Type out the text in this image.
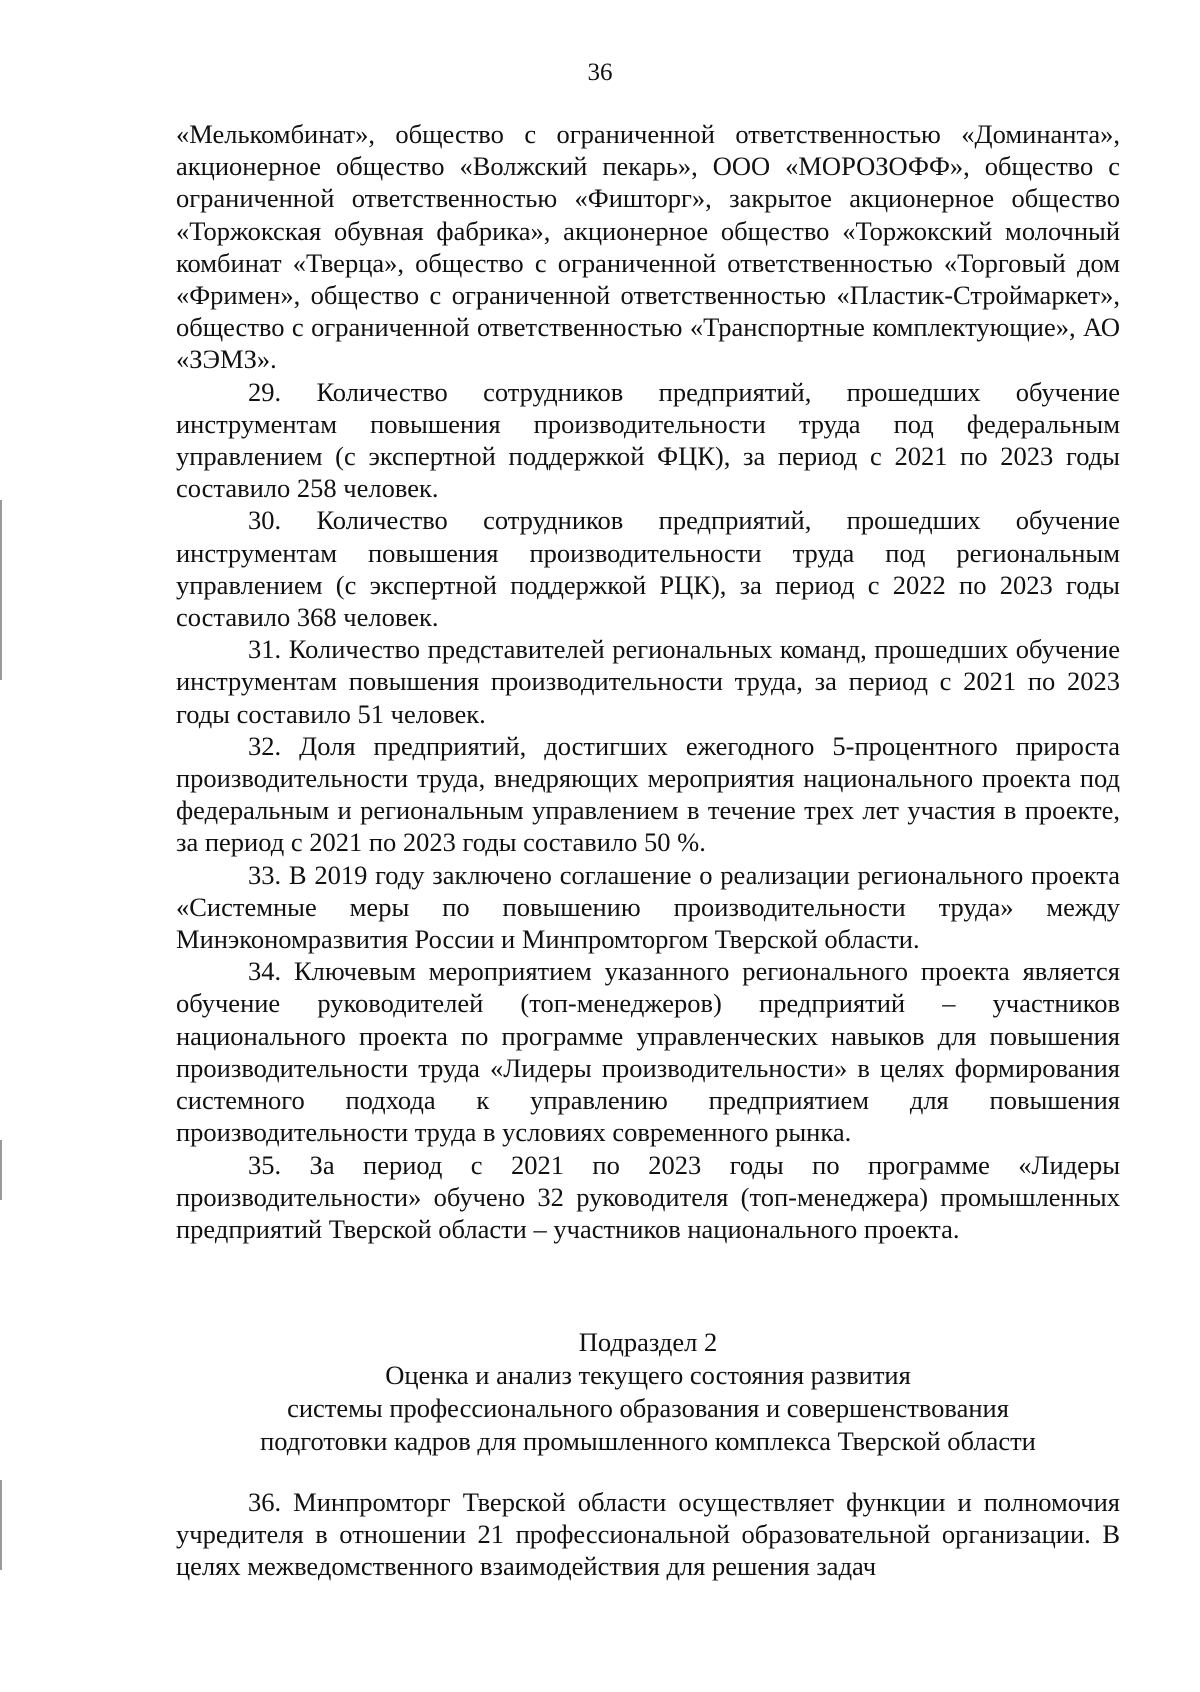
36

«Мелькомбинат», общество с ограниченной ответственностью «Доминанта», акционерное общество «Волжский пекарь», ООО «МОРОЗОФФ», общество с ограниченной ответственностью «Фишторг», закрытое акционерное общество «Торжокская обувная фабрика», акционерное общество «Торжокский молочный комбинат «Тверца», общество с ограниченной ответственностью «Торговый дом «Фримен», общество с ограниченной ответственностью «Пластик-Строймаркет», общество с ограниченной ответственностью «Транспортные комплектующие», АО «ЗЭМЗ».

29. Количество сотрудников предприятий, прошедших обучение инструментам повышения производительности труда под федеральным управлением (с экспертной поддержкой ФЦК), за период с 2021 по 2023 годы составило 258 человек.

30. Количество сотрудников предприятий, прошедших обучение инструментам повышения производительности труда под региональным управлением (с экспертной поддержкой РЦК), за период с 2022 по 2023 годы составило 368 человек.

31. Количество представителей региональных команд, прошедших обучение инструментам повышения производительности труда, за период с 2021 по 2023 годы составило 51 человек.

32. Доля предприятий, достигших ежегодного 5-процентного прироста производительности труда, внедряющих мероприятия национального проекта под федеральным и региональным управлением в течение трех лет участия в проекте, за период с 2021 по 2023 годы составило 50 %.

33. В 2019 году заключено соглашение о реализации регионального проекта «Системные меры по повышению производительности труда» между Минэкономразвития России и Минпромторгом Тверской области.

34. Ключевым мероприятием указанного регионального проекта является обучение руководителей (топ-менеджеров) предприятий – участников национального проекта по программе управленческих навыков для повышения производительности труда «Лидеры производительности» в целях формирования системного подхода к управлению предприятием для повышения производительности труда в условиях современного рынка.

35. За период с 2021 по 2023 годы по программе «Лидеры производительности» обучено 32 руководителя (топ-менеджера) промышленных предприятий Тверской области – участников национального проекта.

Подраздел 2
Оценка и анализ текущего состояния развития
системы профессионального образования и совершенствования
подготовки кадров для промышленного комплекса Тверской области

36. Минпромторг Тверской области осуществляет функции и полномочия учредителя в отношении 21 профессиональной образовательной организации. В целях межведомственного взаимодействия для решения задач
